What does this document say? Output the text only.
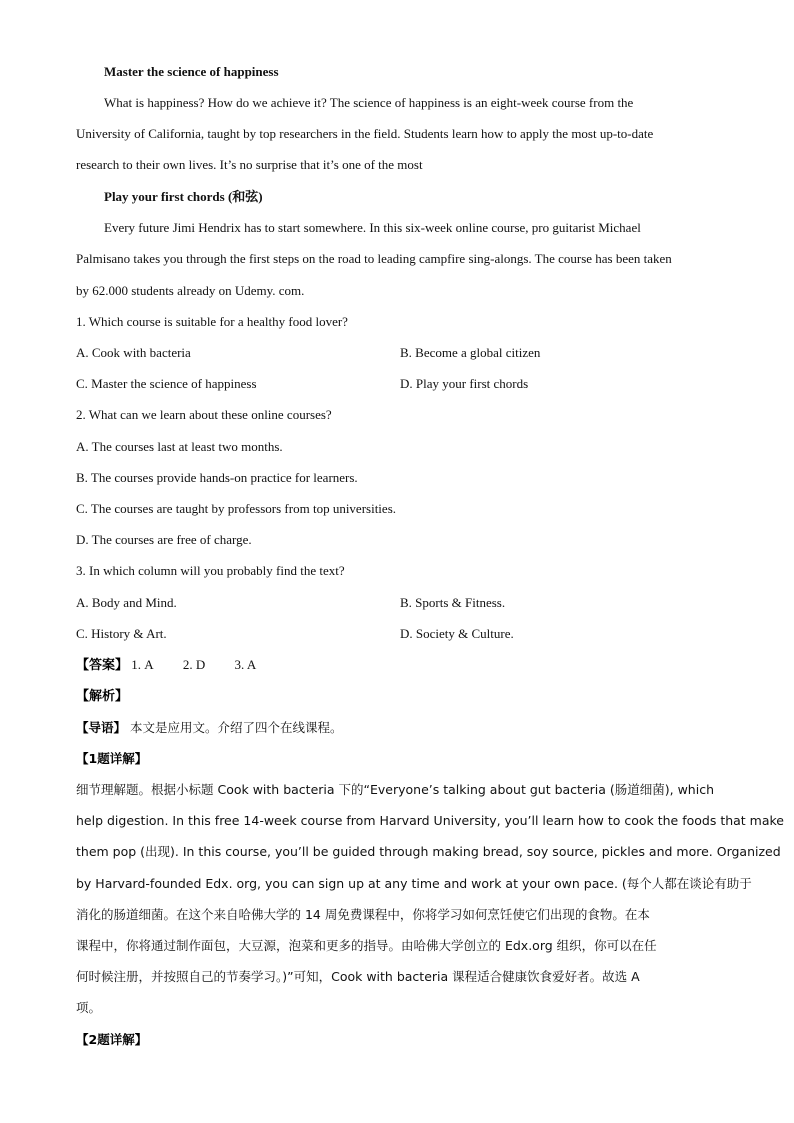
Master the science of happiness
What is happiness? How do we achieve it? The science of happiness is an eight-week course from the
University of California, taught by top researchers in the field. Students learn how to apply the most up-to-date
research to their own lives. It’s no surprise that it’s one of the most
Play your first chords (和弦)
Every future Jimi Hendrix has to start somewhere. In this six-week online course, pro guitarist Michael
Palmisano takes you through the first steps on the road to leading campfire sing-alongs. The course has been taken
by 62.000 students already on Udemy. com.
1. Which course is suitable for a healthy food lover?
A. Cook with bacteria	B. Become a global citizen
C. Master the science of happiness	D. Play your first chords
2. What can we learn about these online courses?
A. The courses last at least two months.
B. The courses provide hands-on practice for learners.
C. The courses are taught by professors from top universities.
D. The courses are free of charge.
3. In which column will you probably find the text?
A. Body and Mind.	B. Sports & Fitness.
C. History & Art.	D. Society & Culture.
【答案】 1. A 2. D 3. A
【解析】
【导语】 本文是应用文。介绍了四个在线课程。
【1题详解】
细节理解题。根据小标题 Cook with bacteria 下的“Everyone’s talking about gut bacteria (肠道细菌), which
help digestion. In this free 14-week course from Harvard University, you’ll learn how to cook the foods that make
them pop (出现). In this course, you’ll be guided through making bread, soy source, pickles and more. Organized
by Harvard-founded Edx. org, you can sign up at any time and work at your own pace. (每个人都在谈论有助于
消化的肠道细菌。在这个来自哈佛大学的 14 周免费课程中，你将学习如何烹饪使它们出现的食物。在本
课程中，你将通过制作面包，大豆源，泡菜和更多的指导。由哈佛大学创立的 Edx.org 组织，你可以在任
何时候注册，并按照自己的节奏学习。)”可知，Cook with bacteria 课程适合健康饮食爱好者。故选 A
项。
【2题详解】
